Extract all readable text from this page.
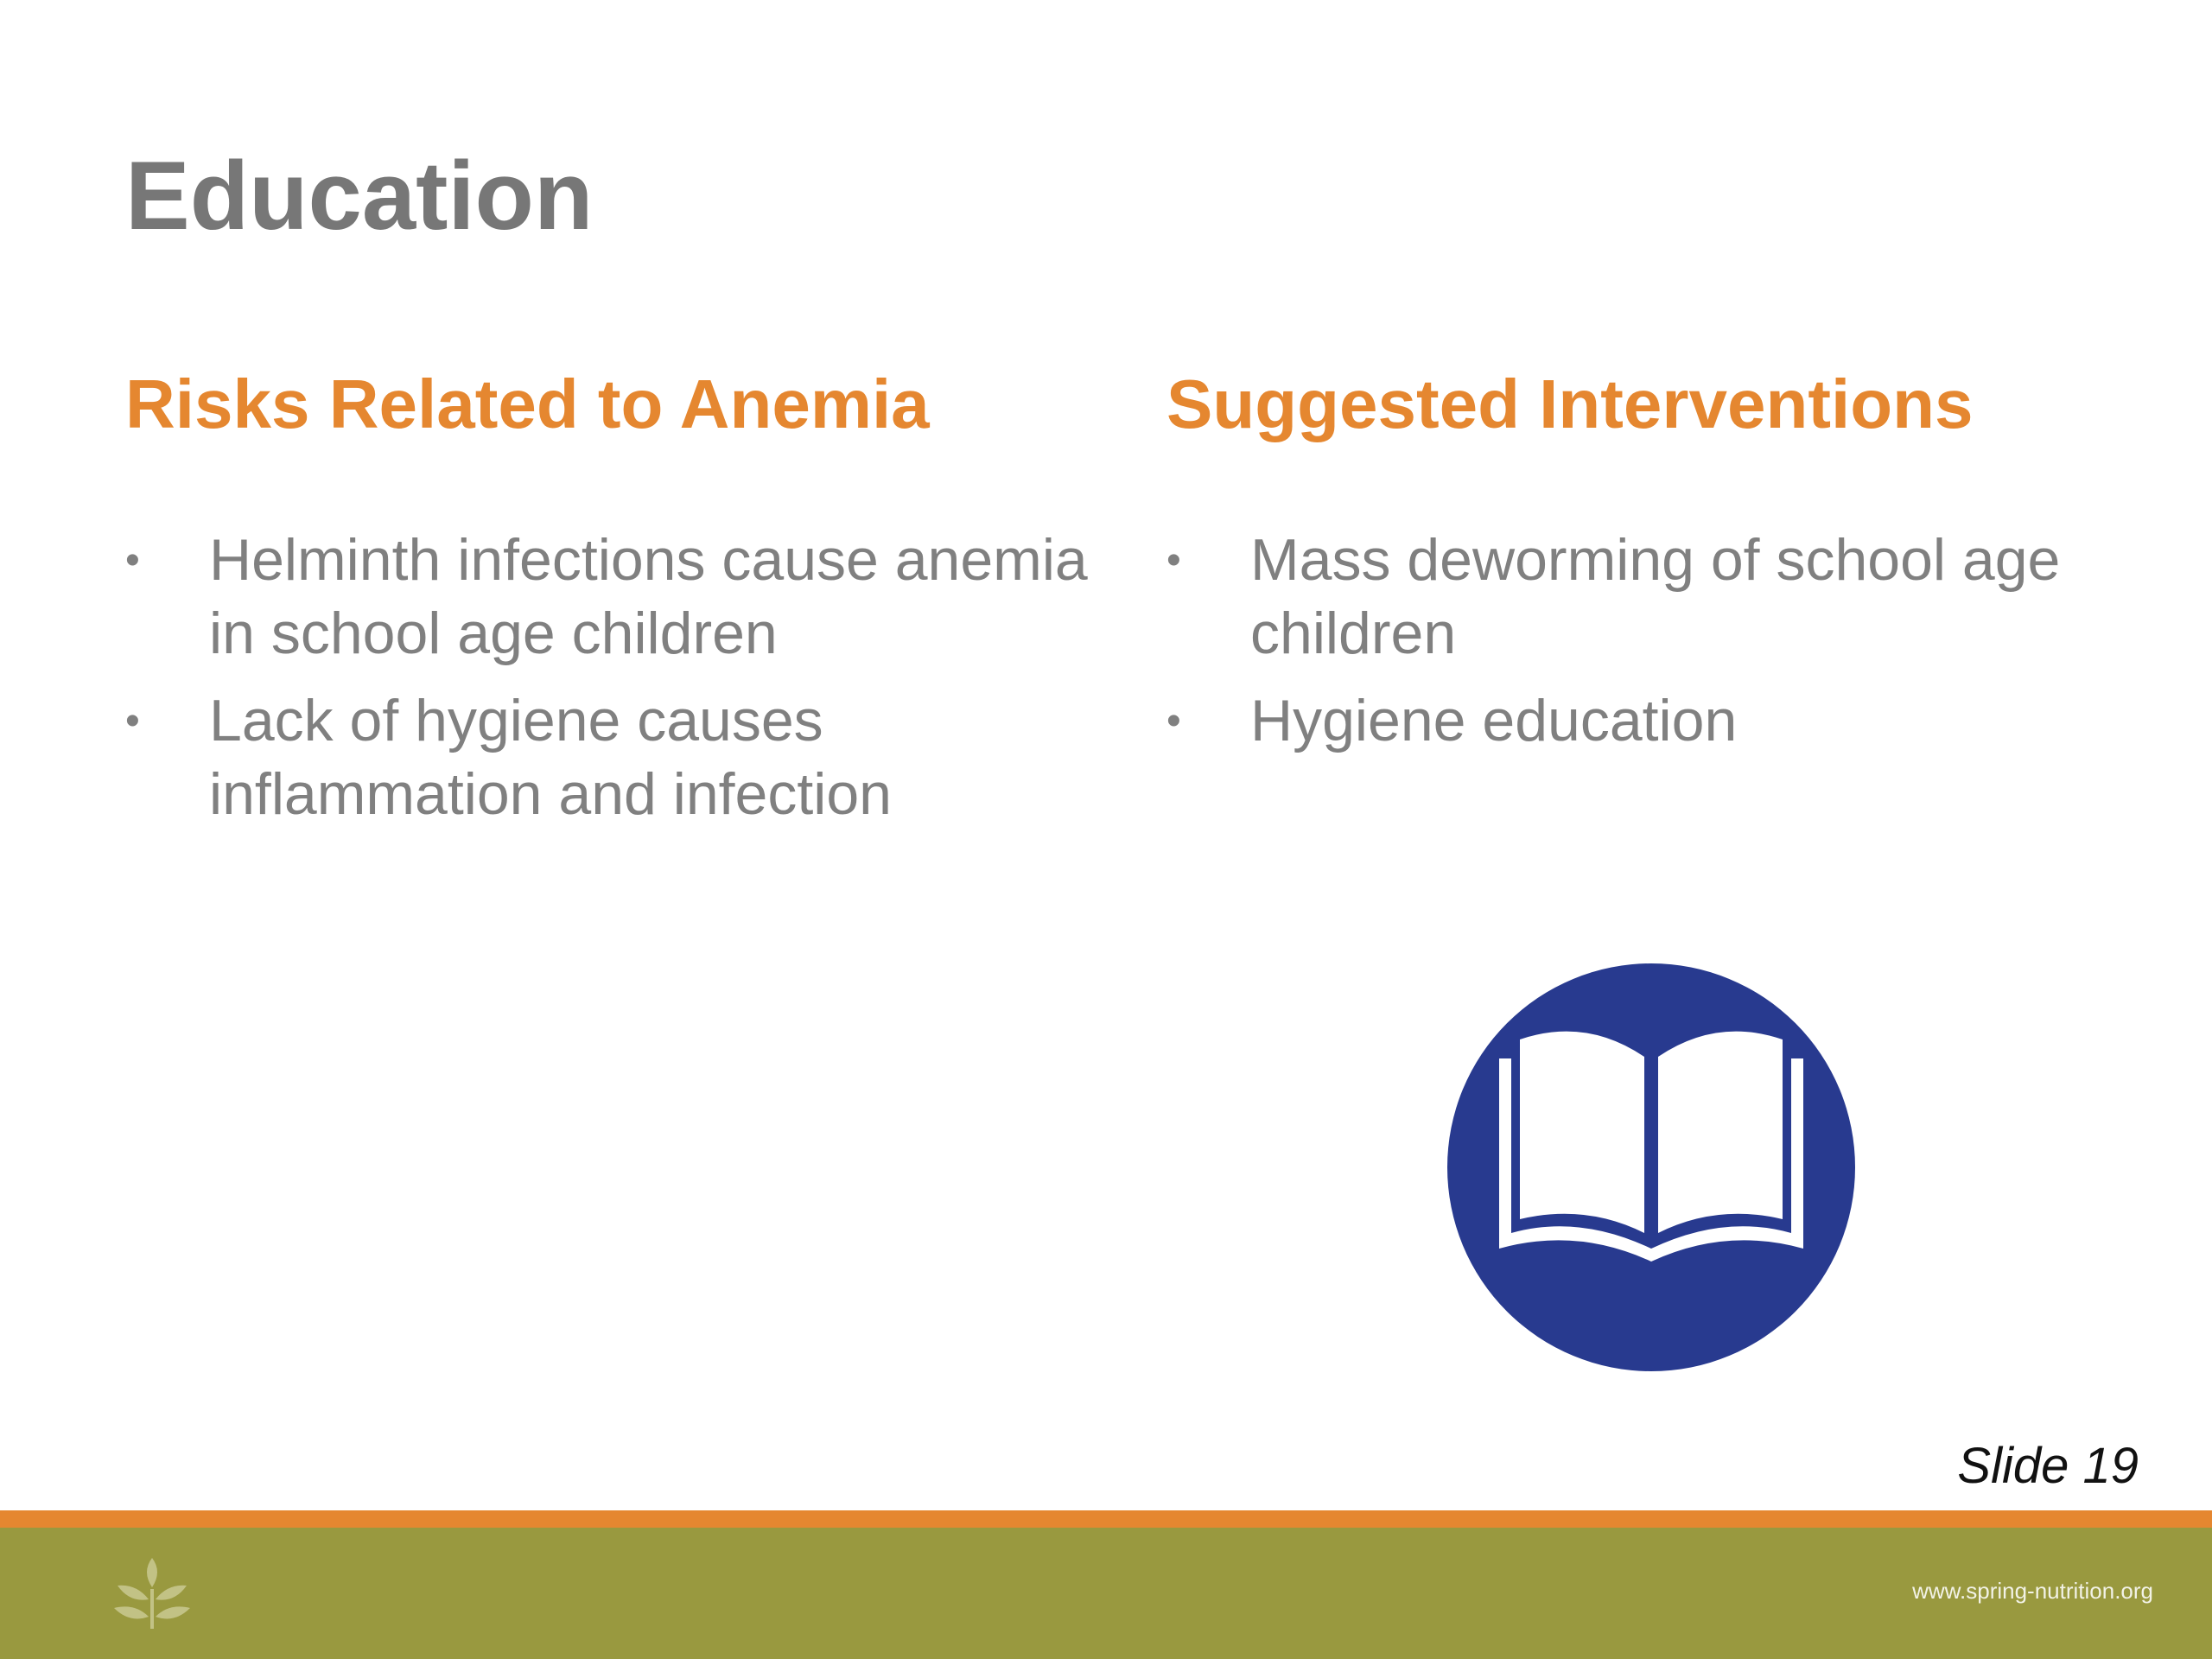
Education
Risks Related to Anemia
• Helminth infections cause anemia in school age children
• Lack of hygiene causes inflammation and infection
Suggested Interventions
• Mass deworming of school age children
• Hygiene education
Slide 19
www.spring-nutrition.org
